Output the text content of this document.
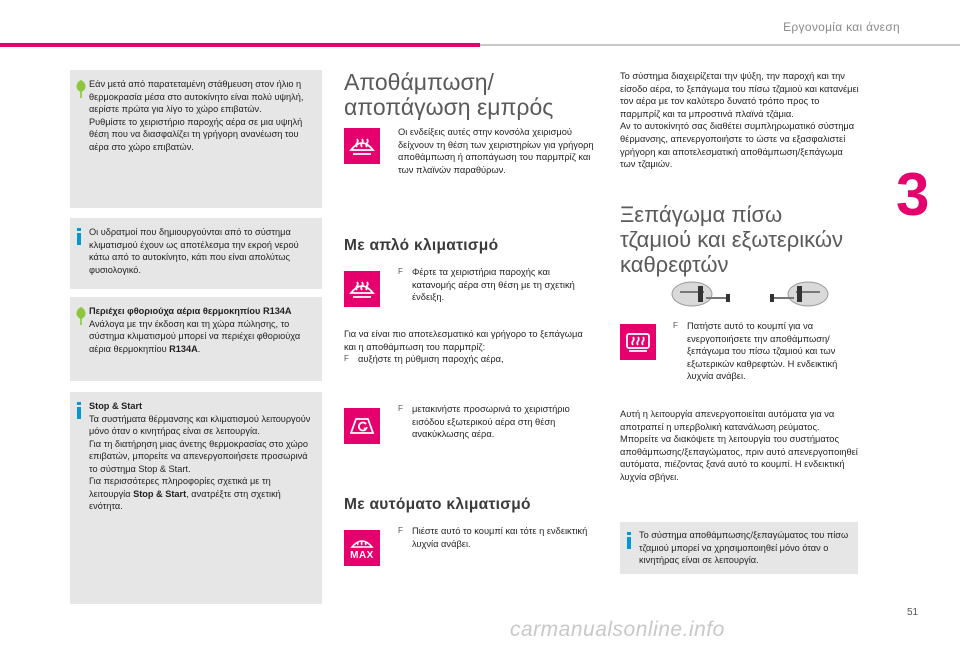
Εργονομία και άνεση
3
51

Εάν μετά από παρατεταμένη στάθμευση στον ήλιο η θερμοκρασία μέσα στο αυτοκίνητο είναι πολύ υψηλή, αερίστε πρώτα για λίγο το χώρο επιβατών.
Ρυθμίστε το χειριστήριο παροχής αέρα σε μια υψηλή θέση που να διασφαλίζει τη γρήγορη ανανέωση του αέρα στο χώρο επιβατών.

Οι υδρατμοί που δημιουργούνται από το σύστημα κλιματισμού έχουν ως αποτέλεσμα την εκροή νερού κάτω από το αυτοκίνητο, κάτι που είναι απολύτως φυσιολογικό.

Περιέχει φθοριούχα αέρια θερμοκηπίου R134A

Ανάλογα με την έκδοση και τη χώρα πώλησης, το σύστημα κλιματισμού μπορεί να περιέχει φθοριούχα αέρια θερμοκηπίου R134A.

Stop & Start

Τα συστήματα θέρμανσης και κλιματισμού λειτουργούν μόνο όταν ο κινητήρας είναι σε λειτουργία.
Για τη διατήρηση μιας άνετης θερμοκρασίας στο χώρο επιβατών, μπορείτε να απενεργοποιήσετε προσωρινά το σύστημα Stop & Start.
Για περισσότερες πληροφορίες σχετικά με τη λειτουργία Stop & Start, ανατρέξτε στη σχετική ενότητα.

Αποθάμπωση/
αποπάγωση εμπρός
Οι ενδείξεις αυτές στην κονσόλα χειρισμού δείχνουν τη θέση των χειριστηρίων για γρήγορη αποθάμπωση ή αποπάγωση του παρμπρίζ και των πλαϊνών παραθύρων.
Με απλό κλιματισμό
F Φέρτε τα χειριστήρια παροχής και κατανομής αέρα στη θέση με τη σχετική ένδειξη.
Για να είναι πιο αποτελεσματικό και γρήγορο το ξεπάγωμα και η αποθάμπωση του παρμπρίζ:
F αυξήστε τη ρύθμιση παροχής αέρα,
F μετακινήστε προσωρινά το χειριστήριο εισόδου εξωτερικού αέρα στη θέση ανακύκλωσης αέρα.
Με αυτόματο κλιματισμό
MAX
F Πιέστε αυτό το κουμπί και τότε η ενδεικτική λυχνία ανάβει.
Το σύστημα διαχειρίζεται την ψύξη, την παροχή και την είσοδο αέρα, το ξεπάγωμα του πίσω τζαμιού και κατανέμει τον αέρα με τον καλύτερο δυνατό τρόπο προς το παρμπρίζ και τα μπροστινά πλαϊνά τζάμια.
Αν το αυτοκίνητό σας διαθέτει συμπληρωματικό σύστημα θέρμανσης, απενεργοποιήστε το ώστε να εξασφαλιστεί γρήγορη και αποτελεσματική αποθάμπωση/ξεπάγωμα των τζαμιών.
Ξεπάγωμα πίσω
τζαμιού και εξωτερικών
καθρεφτών
F Πατήστε αυτό το κουμπί για να ενεργοποιήσετε την αποθάμπωση/ξεπάγωμα του πίσω τζαμιού και των εξωτερικών καθρεφτών. Η ενδεικτική λυχνία ανάβει.
Αυτή η λειτουργία απενεργοποιείται αυτόματα για να αποτραπεί η υπερβολική κατανάλωση ρεύματος.
Μπορείτε να διακόψετε τη λειτουργία του συστήματος αποθάμπωσης/ξεπαγώματος, πριν αυτό απενεργοποιηθεί αυτόματα, πιέζοντας ξανά αυτό το κουμπί. Η ενδεικτική λυχνία σβήνει.

Το σύστημα αποθάμπωσης/ξεπαγώματος του πίσω τζαμιού μπορεί να χρησιμοποιηθεί μόνο όταν ο κινητήρας είναι σε λειτουργία.

carmanualsonline.info
